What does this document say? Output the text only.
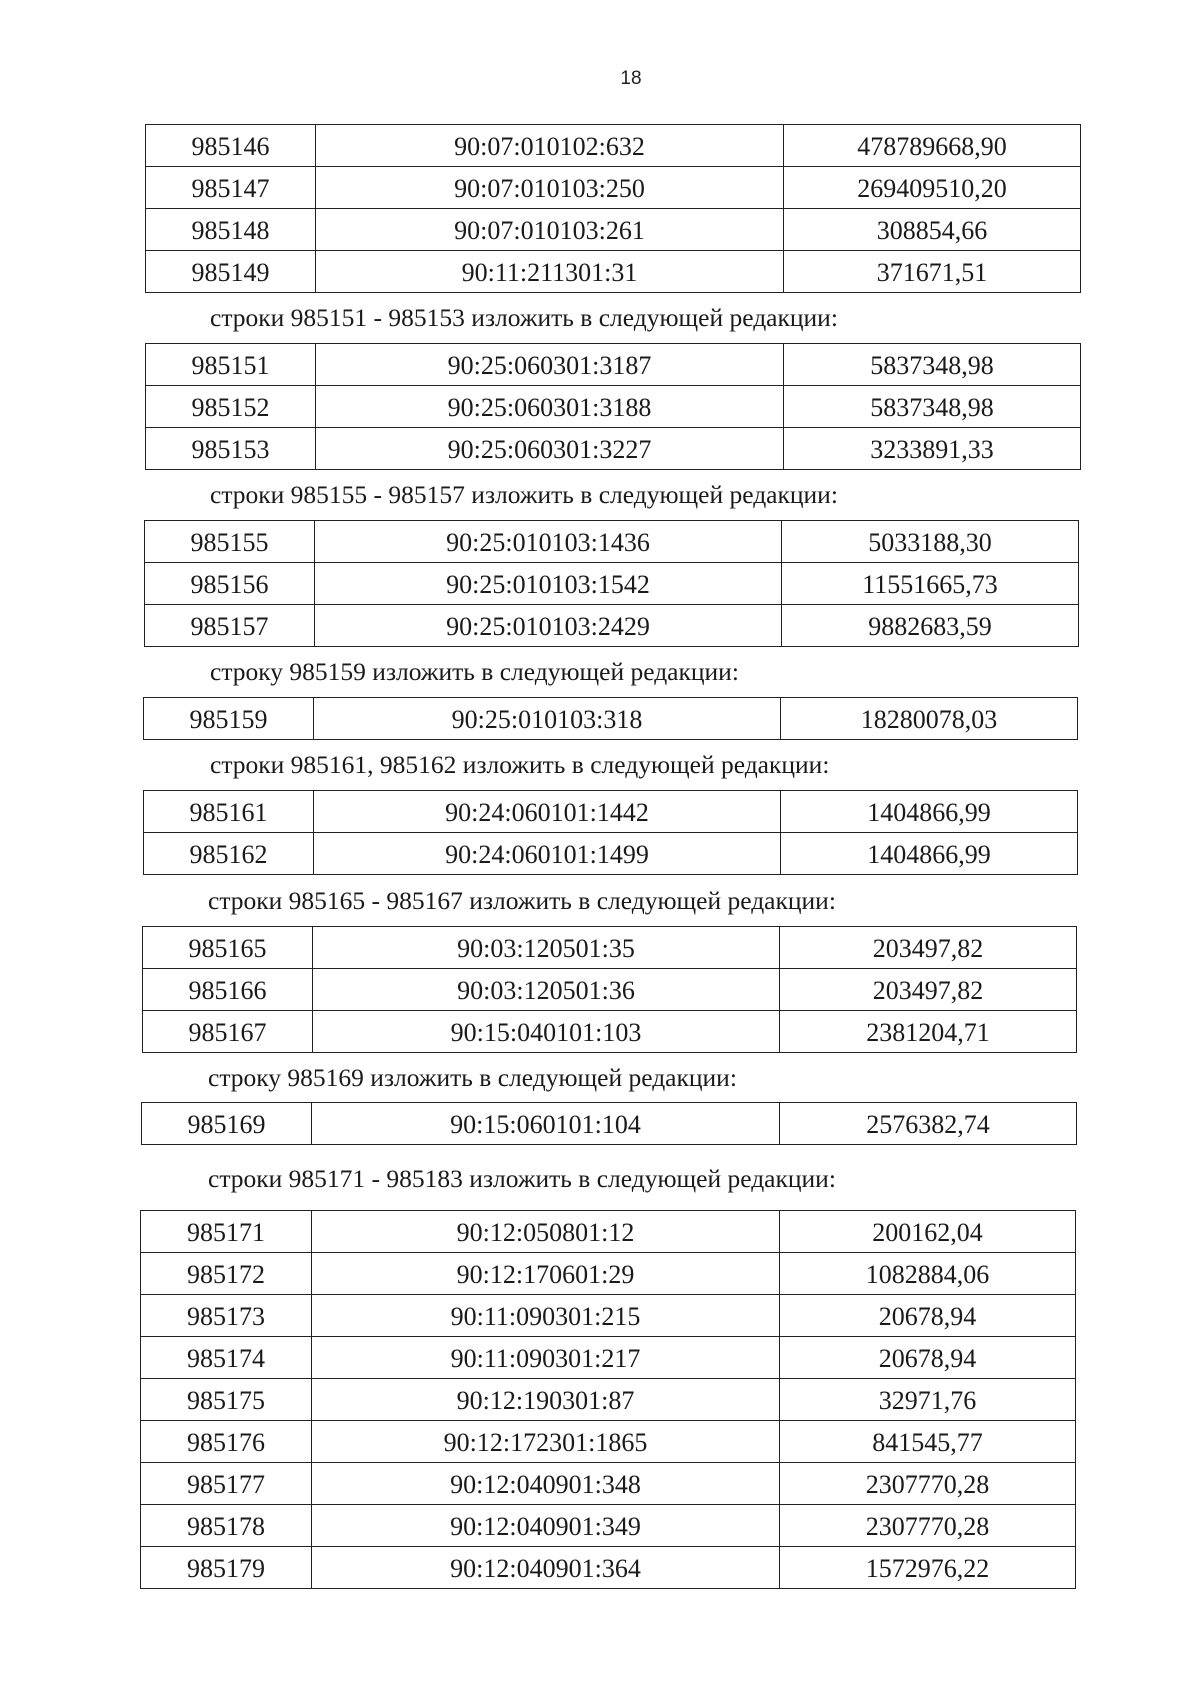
18
985146	90:07:010102:632	478789668,90
985147	90:07:010103:250	269409510,20
985148	90:07:010103:261	308854,66
985149	90:11:211301:31	371671,51
строки 985151 - 985153 изложить в следующей редакции:
985151	90:25:060301:3187	5837348,98
985152	90:25:060301:3188	5837348,98
985153	90:25:060301:3227	3233891,33
строки 985155 - 985157 изложить в следующей редакции:
985155	90:25:010103:1436	5033188,30
985156	90:25:010103:1542	11551665,73
985157	90:25:010103:2429	9882683,59
строку 985159 изложить в следующей редакции:
985159	90:25:010103:318	18280078,03
строки 985161, 985162 изложить в следующей редакции:
985161	90:24:060101:1442	1404866,99
985162	90:24:060101:1499	1404866,99
строки 985165 - 985167 изложить в следующей редакции:
985165	90:03:120501:35	203497,82
985166	90:03:120501:36	203497,82
985167	90:15:040101:103	2381204,71
строку 985169 изложить в следующей редакции:
985169	90:15:060101:104	2576382,74
строки 985171 - 985183 изложить в следующей редакции:
985171	90:12:050801:12	200162,04
985172	90:12:170601:29	1082884,06
985173	90:11:090301:215	20678,94
985174	90:11:090301:217	20678,94
985175	90:12:190301:87	32971,76
985176	90:12:172301:1865	841545,77
985177	90:12:040901:348	2307770,28
985178	90:12:040901:349	2307770,28
985179	90:12:040901:364	1572976,22
